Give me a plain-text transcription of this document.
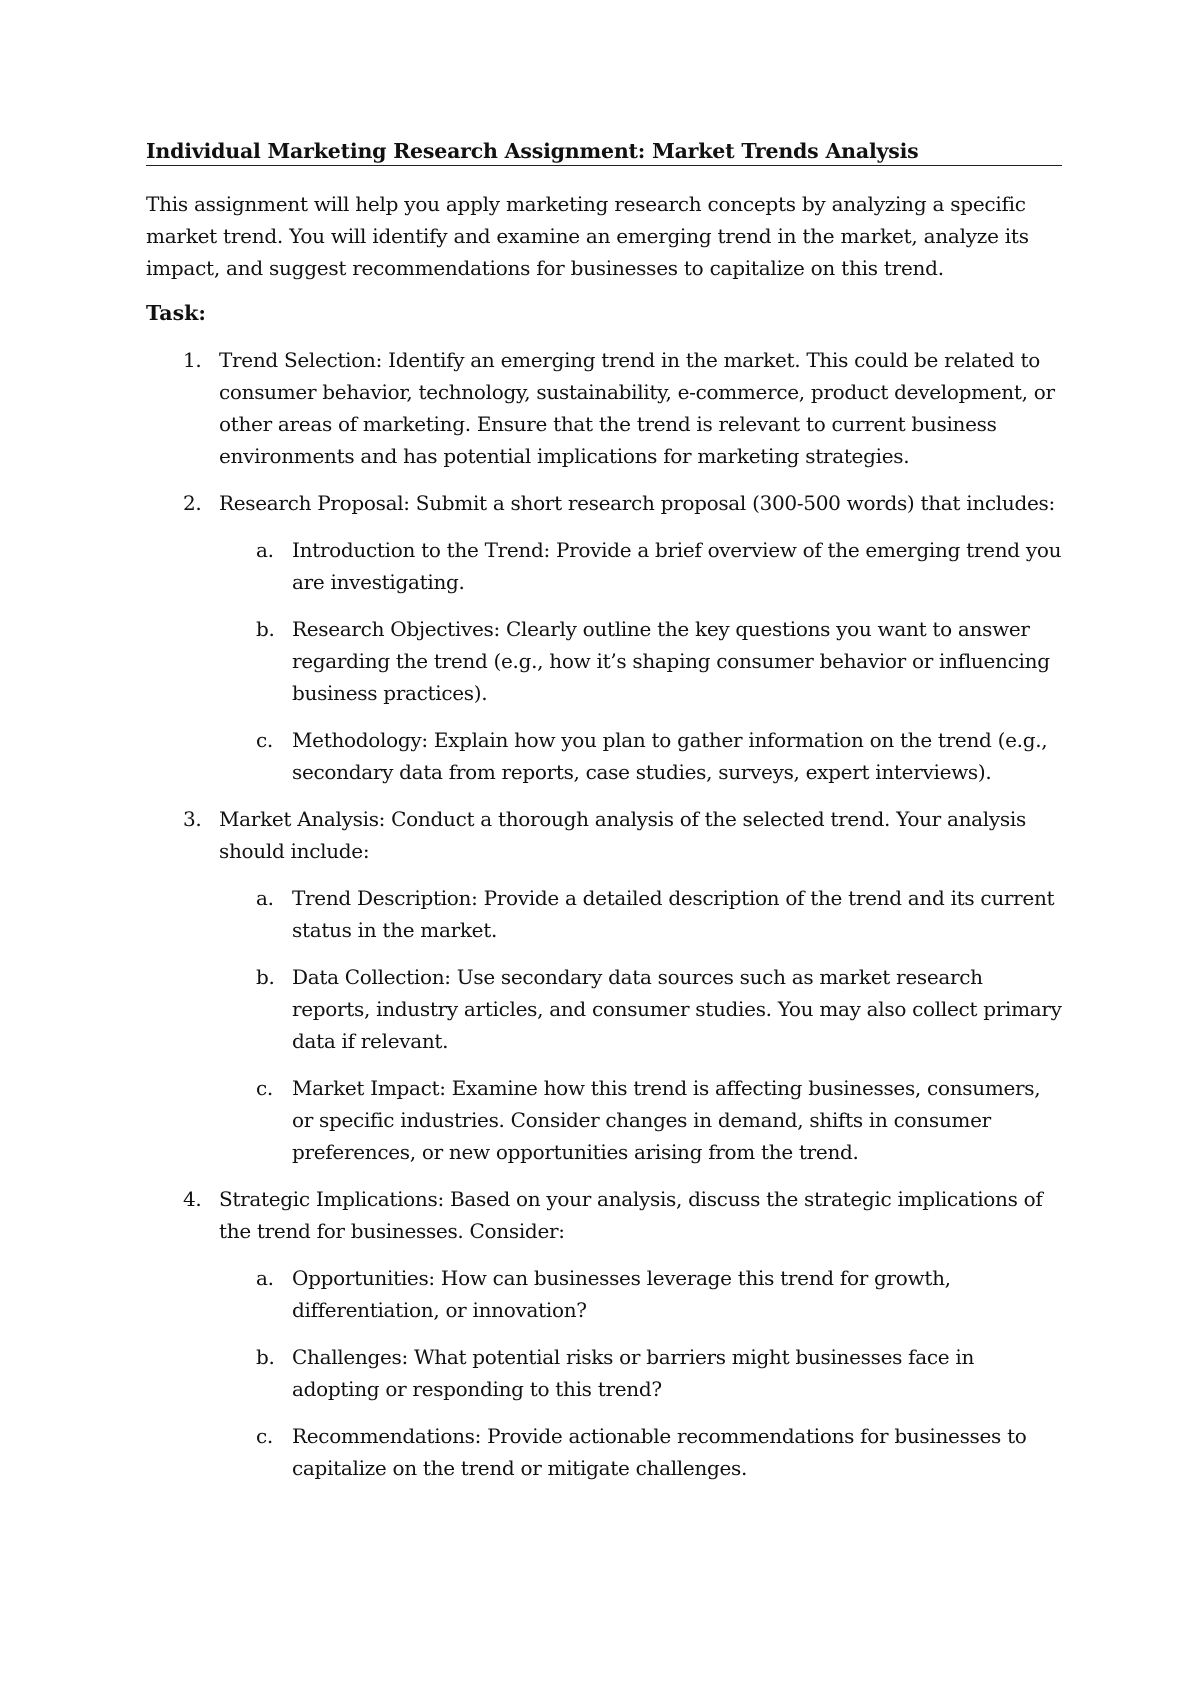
Individual Marketing Research Assignment: Market Trends Analysis
This assignment will help you apply marketing research concepts by analyzing a specific market trend. You will identify and examine an emerging trend in the market, analyze its impact, and suggest recommendations for businesses to capitalize on this trend.
Task:
1. Trend Selection: Identify an emerging trend in the market. This could be related to consumer behavior, technology, sustainability, e-commerce, product development, or other areas of marketing. Ensure that the trend is relevant to current business environments and has potential implications for marketing strategies.
2. Research Proposal: Submit a short research proposal (300-500 words) that includes:
a. Introduction to the Trend: Provide a brief overview of the emerging trend you are investigating.
b. Research Objectives: Clearly outline the key questions you want to answer regarding the trend (e.g., how it’s shaping consumer behavior or influencing business practices).
c. Methodology: Explain how you plan to gather information on the trend (e.g., secondary data from reports, case studies, surveys, expert interviews).
3. Market Analysis: Conduct a thorough analysis of the selected trend. Your analysis should include:
a. Trend Description: Provide a detailed description of the trend and its current status in the market.
b. Data Collection: Use secondary data sources such as market research reports, industry articles, and consumer studies. You may also collect primary data if relevant.
c. Market Impact: Examine how this trend is affecting businesses, consumers, or specific industries. Consider changes in demand, shifts in consumer preferences, or new opportunities arising from the trend.
4. Strategic Implications: Based on your analysis, discuss the strategic implications of the trend for businesses. Consider:
a. Opportunities: How can businesses leverage this trend for growth, differentiation, or innovation?
b. Challenges: What potential risks or barriers might businesses face in adopting or responding to this trend?
c. Recommendations: Provide actionable recommendations for businesses to capitalize on the trend or mitigate challenges.
